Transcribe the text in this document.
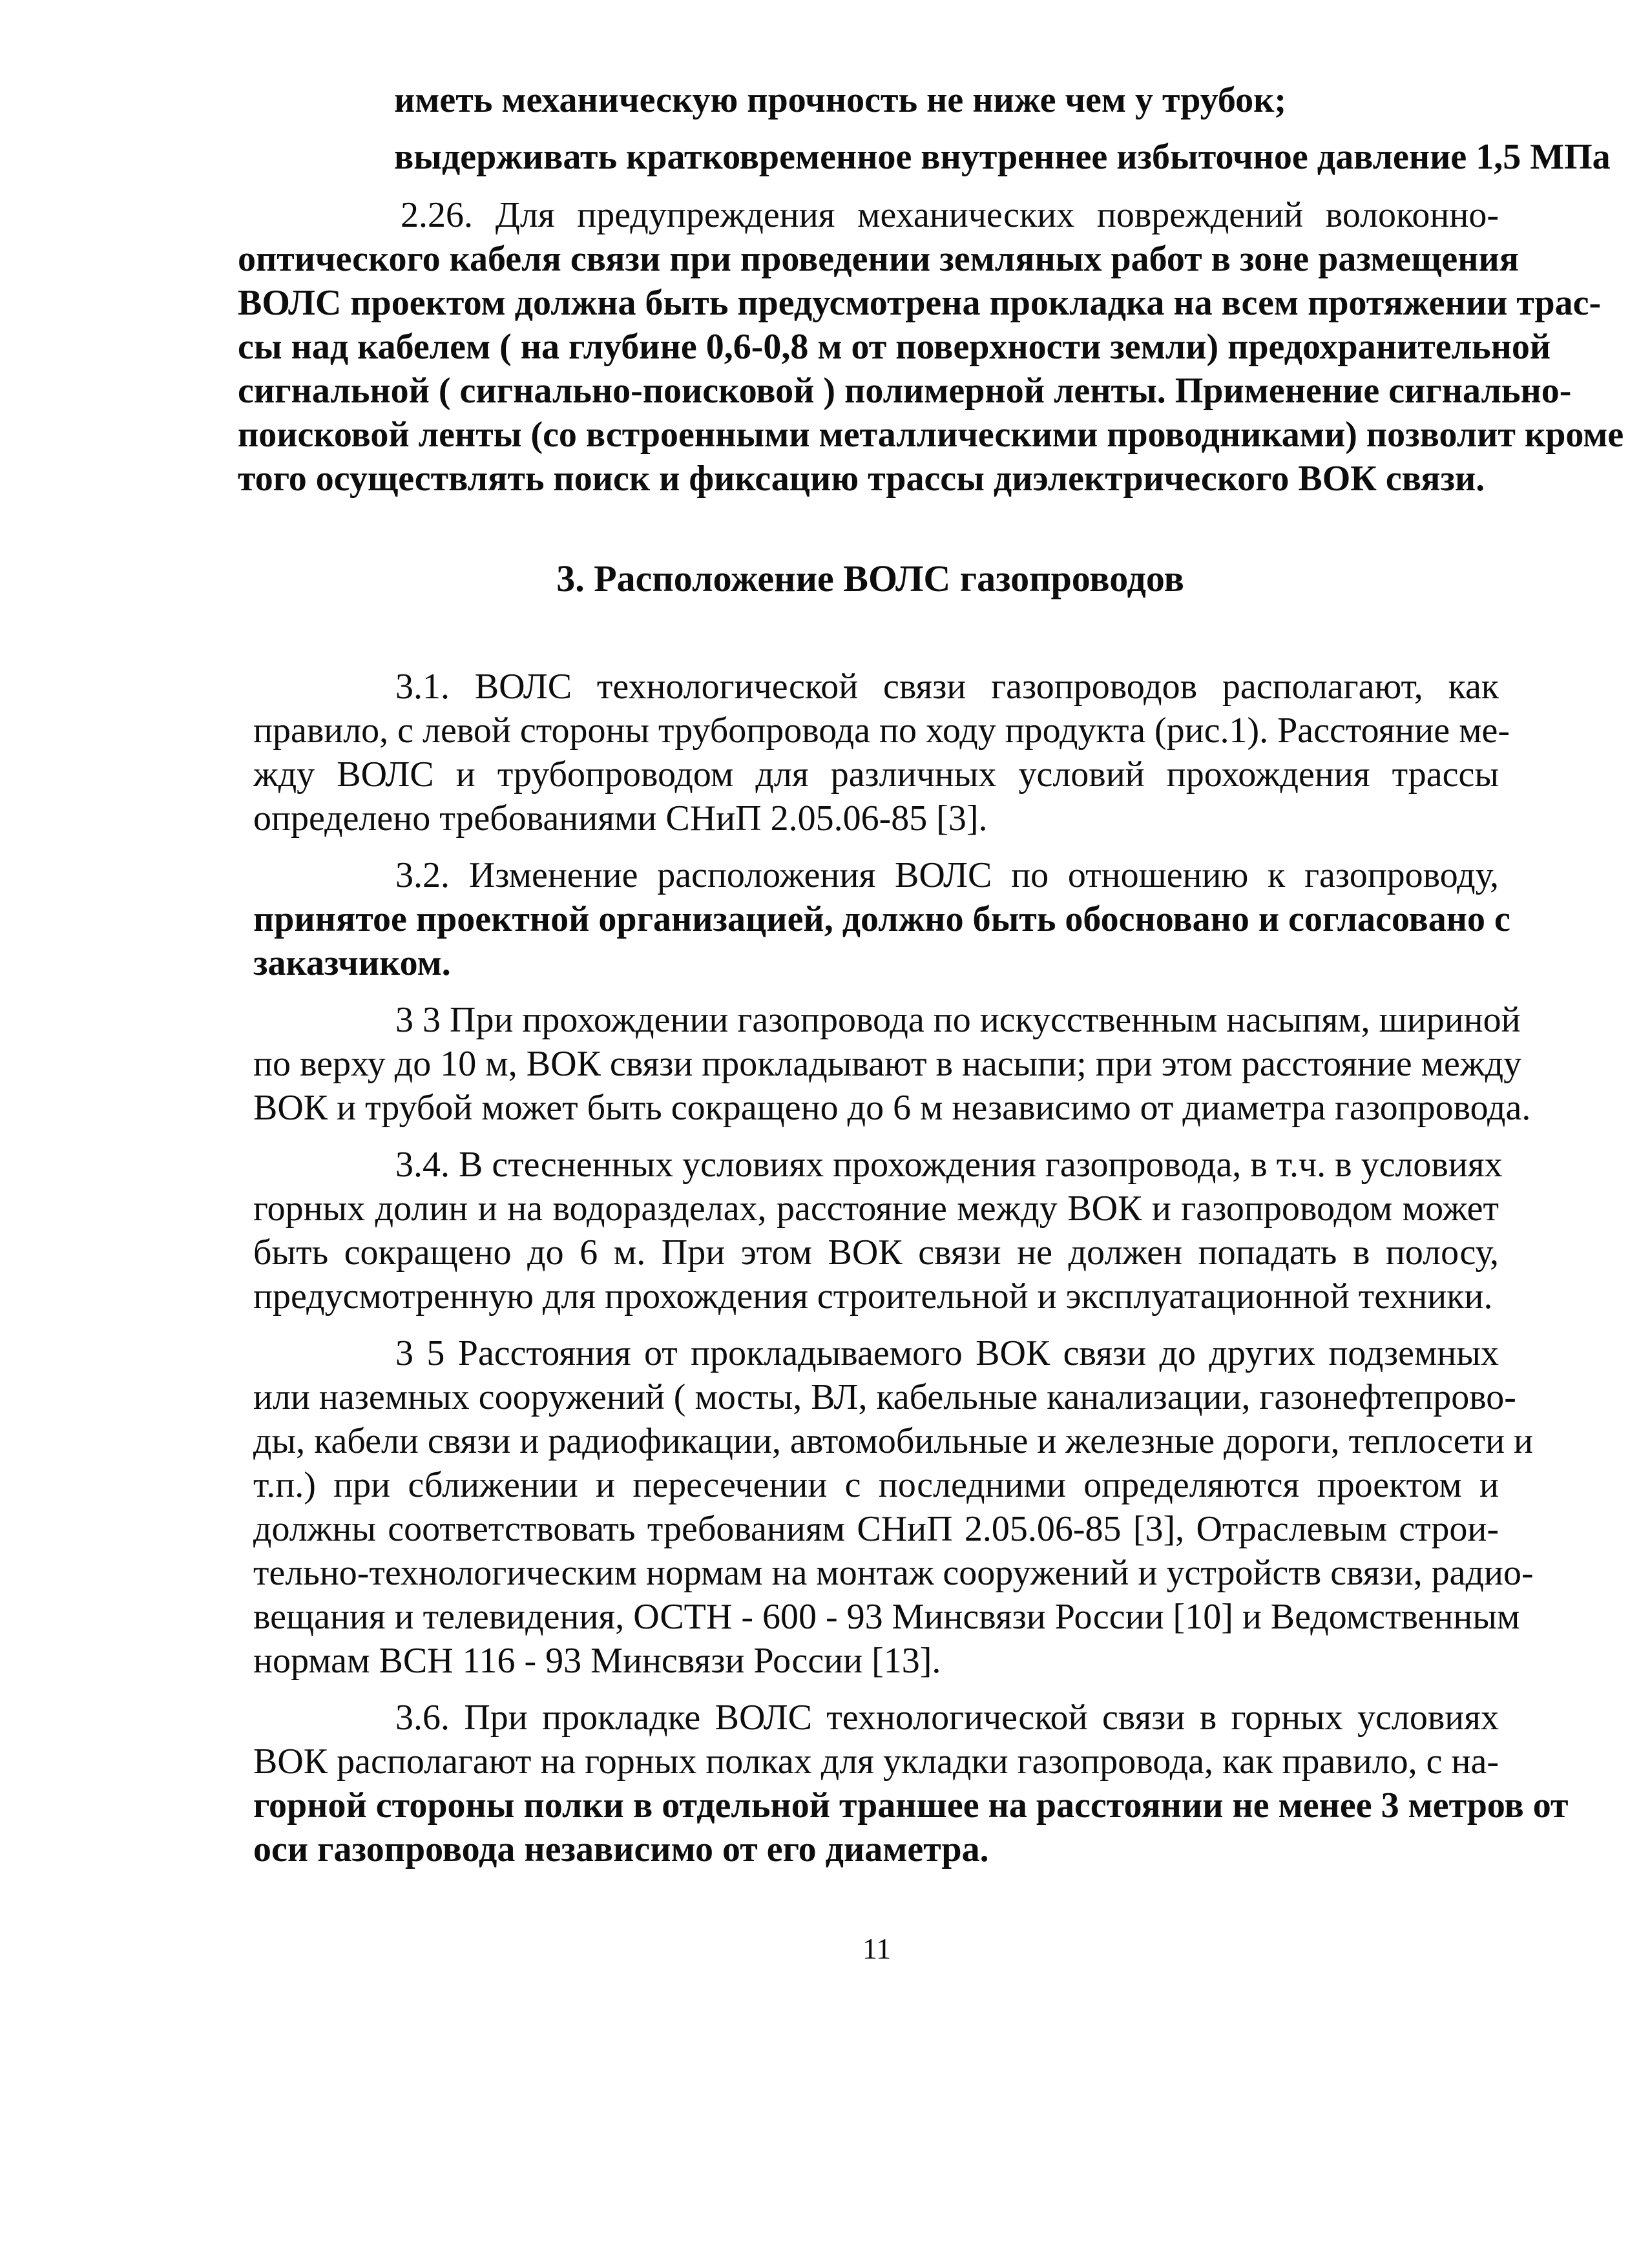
иметь механическую прочность не ниже чем у трубок;
выдерживать кратковременное внутреннее избыточное давление 1,5 МПа
2.26. Для предупреждения механических повреждений волоконно-
оптического кабеля связи при проведении земляных работ в зоне размещения
ВОЛС проектом должна быть предусмотрена прокладка на всем протяжении трас-
сы над кабелем ( на глубине 0,6-0,8 м от поверхности земли) предохранительной
сигнальной ( сигнально-поисковой ) полимерной ленты. Применение сигнально-
поисковой ленты (со встроенными металлическими проводниками) позволит кроме
того осуществлять поиск и фиксацию трассы диэлектрического ВОК связи.
3. Расположение ВОЛС газопроводов
3.1. ВОЛС технологической связи газопроводов располагают, как
правило, с левой стороны трубопровода по ходу продукта (рис.1). Расстояние ме-
жду ВОЛС и трубопроводом для различных условий прохождения трассы
определено требованиями СНиП 2.05.06-85 [3].
3.2. Изменение расположения ВОЛС по отношению к газопроводу,
принятое проектной организацией, должно быть обосновано и согласовано с
заказчиком.
3 3 При прохождении газопровода по искусственным насыпям, шириной
по верху до 10 м, ВОК связи прокладывают в насыпи; при этом расстояние между
ВОК и трубой может быть сокращено до 6 м независимо от диаметра газопровода.
3.4. В стесненных условиях прохождения газопровода, в т.ч. в условиях
горных долин и на водоразделах, расстояние между ВОК и газопроводом может
быть сокращено до 6 м. При этом ВОК связи не должен попадать в полосу,
предусмотренную для прохождения строительной и эксплуатационной техники.
3 5 Расстояния от прокладываемого ВОК связи до других подземных
или наземных сооружений ( мосты, ВЛ, кабельные канализации, газонефтепрово-
ды, кабели связи и радиофикации, автомобильные и железные дороги, теплосети и
т.п.) при сближении и пересечении с последними определяются проектом и
должны соответствовать требованиям СНиП 2.05.06-85 [3], Отраслевым строи-
тельно-технологическим нормам на монтаж сооружений и устройств связи, радио-
вещания и телевидения, ОСТН - 600 - 93 Минсвязи России [10] и Ведомственным
нормам ВСН 116 - 93 Минсвязи России [13].
3.6. При прокладке ВОЛС технологической связи в горных условиях
ВОК располагают на горных полках для укладки газопровода, как правило, с на-
горной стороны полки в отдельной траншее на расстоянии не менее 3 метров от
оси газопровода независимо от его диаметра.
11
